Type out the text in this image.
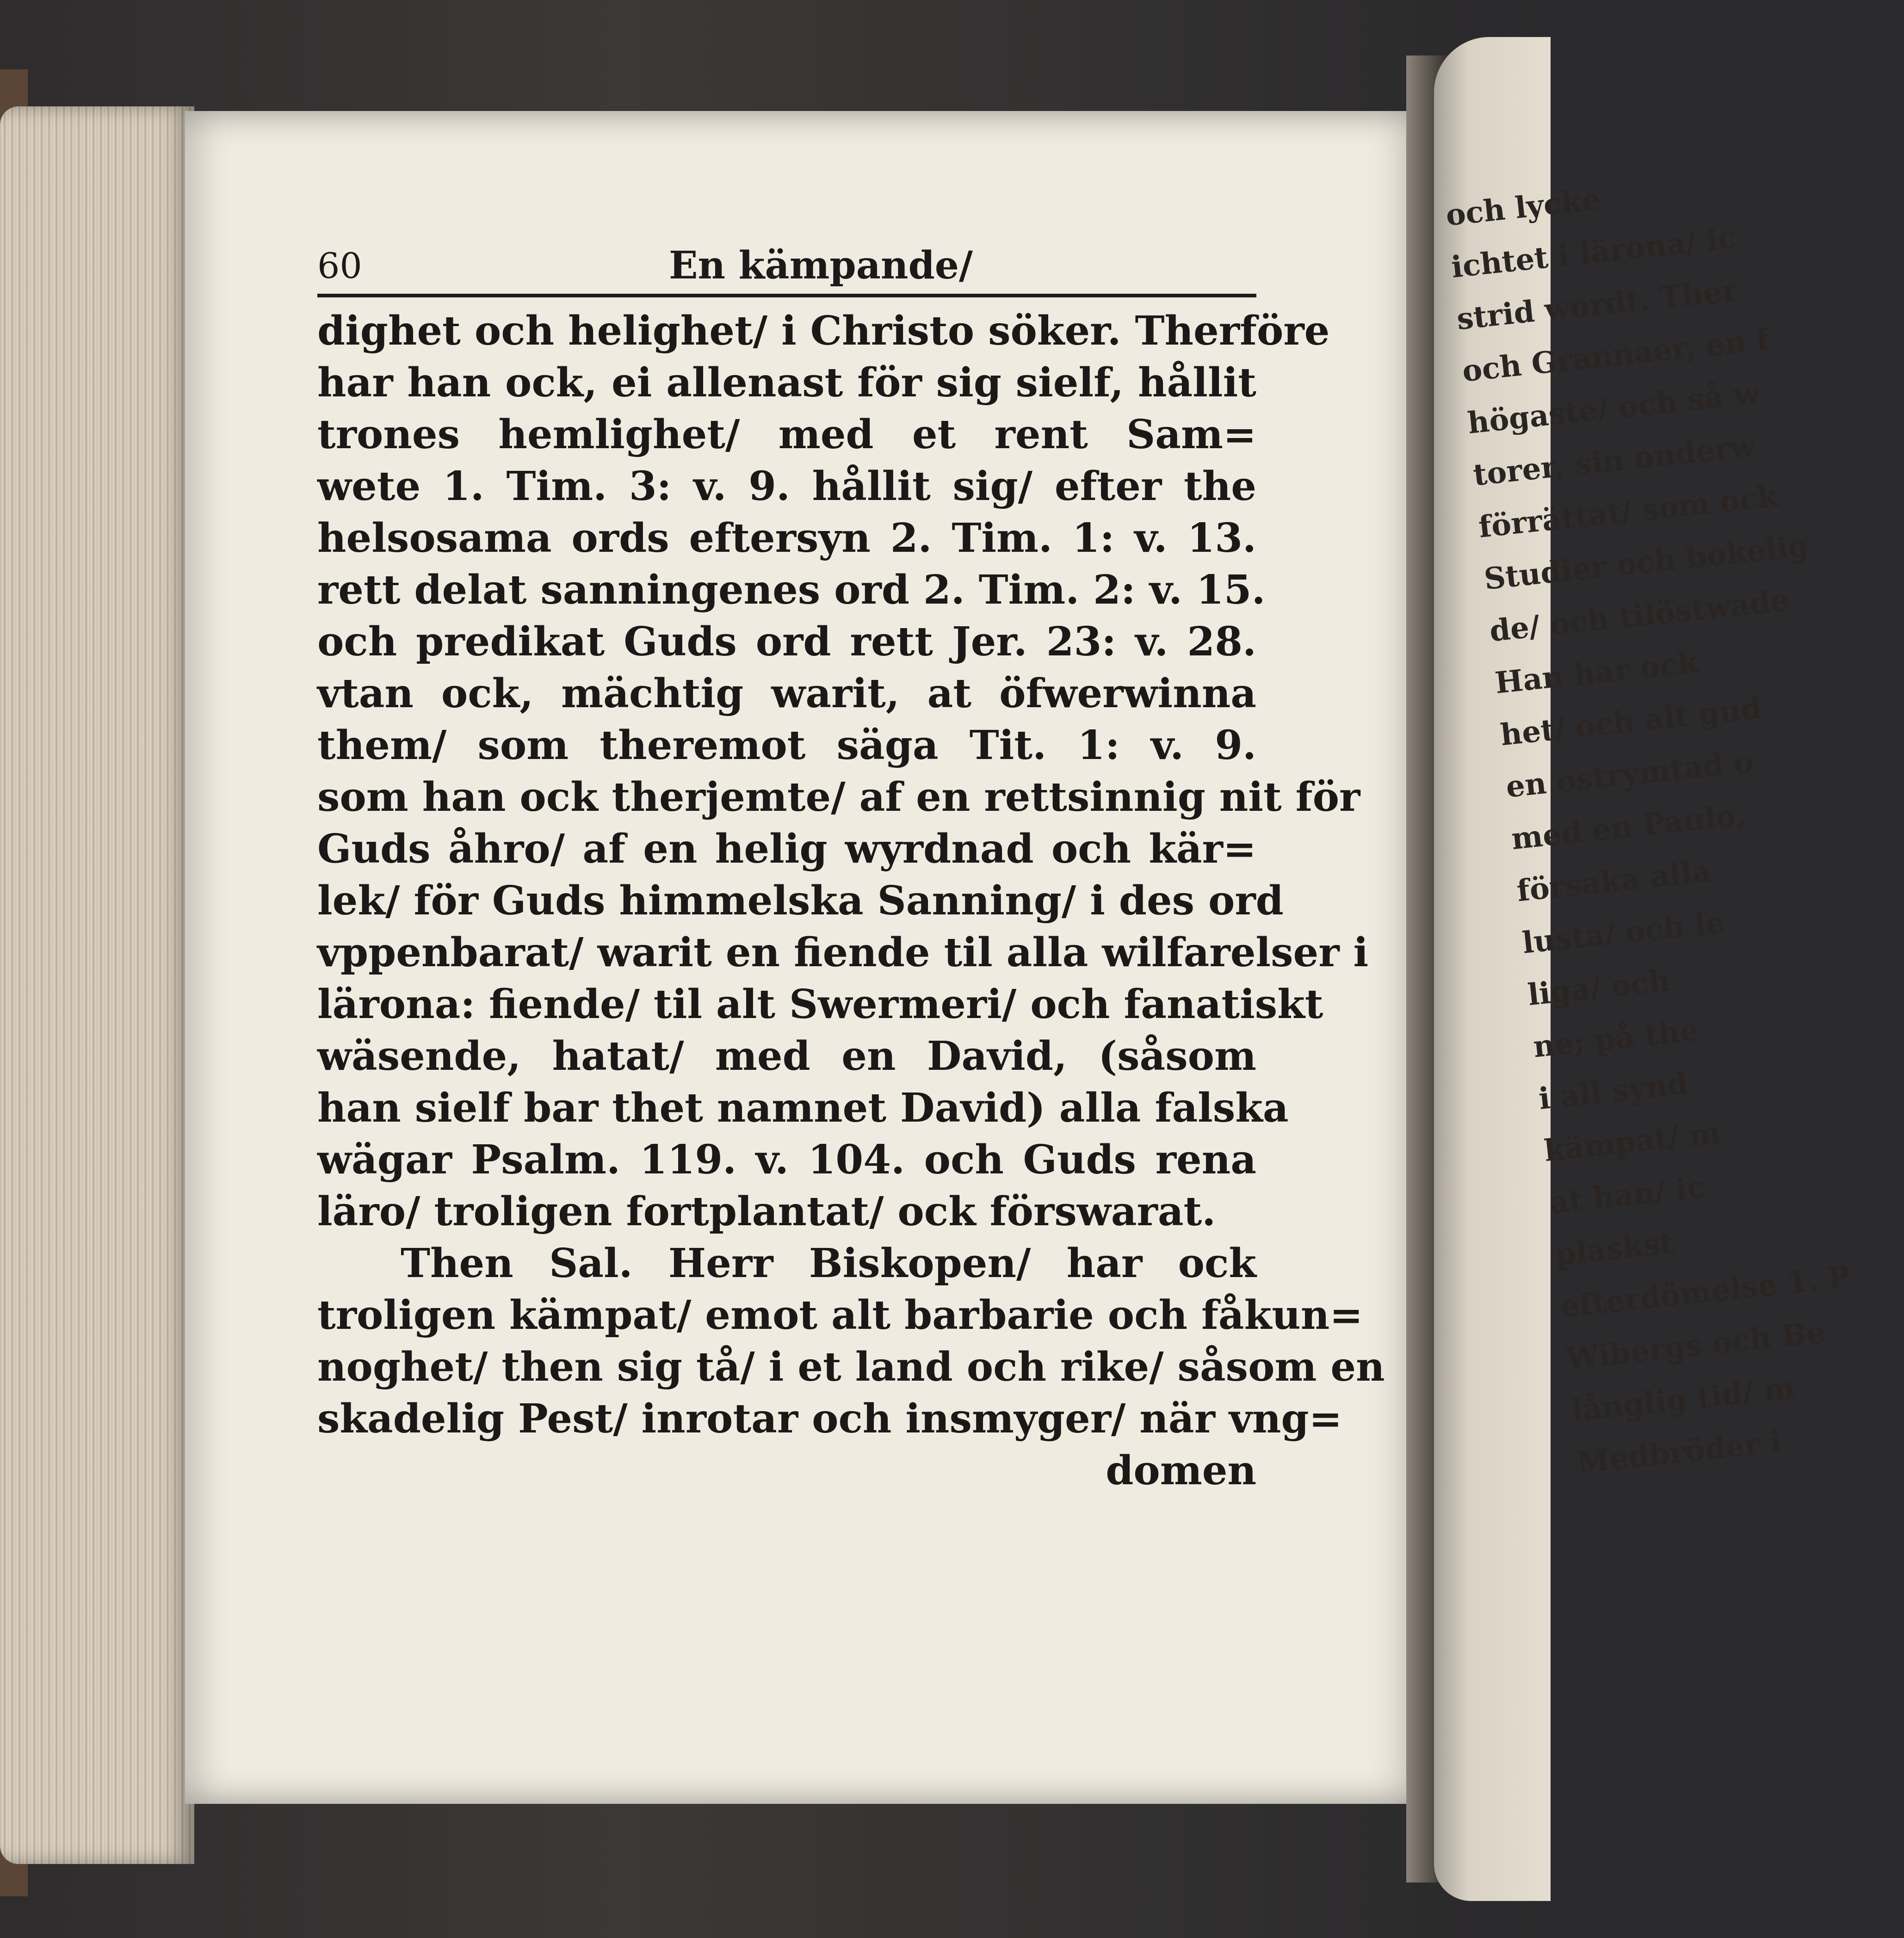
60	En kämpande/
dighet och helighet/ i Christo söker. Therföre
har han ock, ei allenast för sig sielf, hållit
trones hemlighet/ med et rent Sam=
wete 1. Tim. 3: v. 9. hållit sig/ efter the
helsosama ords eftersyn 2. Tim. 1: v. 13.
rett delat sanningenes ord 2. Tim. 2: v. 15.
och predikat Guds ord rett Jer. 23: v. 28.
vtan ock, mächtig warit, at öfwerwinna
them/ som theremot säga Tit. 1: v. 9.
som han ock therjemte/ af en rettsinnig nit för
Guds åhro/ af en helig wyrdnad och kär=
lek/ för Guds himmelska Sanning/ i des ord
vppenbarat/ warit en fiende til alla wilfarelser i
lärona: fiende/ til alt Swermeri/ och fanatiskt
wäsende, hatat/ med en David, (såsom
han sielf bar thet namnet David) alla falska
wägar Psalm. 119. v. 104. och Guds rena
läro/ troligen fortplantat/ ock förswarat.
Then Sal. Herr Biskopen/ har ock
troligen kämpat/ emot alt barbarie och fåkun=
noghet/ then sig tå/ i et land och rike/ såsom en
skadelig Pest/ inrotar och insmyger/ när vng=
domen
och lycke
ichtet i lärona/ ic
strid wordt. Ther
och Grannaer, en f
högaste/ och så w
torer, sin onderw
förrättat/ som ock
Studier och bokelig
de/ och tilöstwade
Han har ock
het/ och alt gud
en ostrymtad o
med en Paulo,
försaka alla
lusta/ och le
liga/ och
ne; på the
i all synd
kämpat/ m
at han/ ic
plaskst
efterdömelse 1. P
Wibergs och Be
långlig tid/ m
Medbröder i
